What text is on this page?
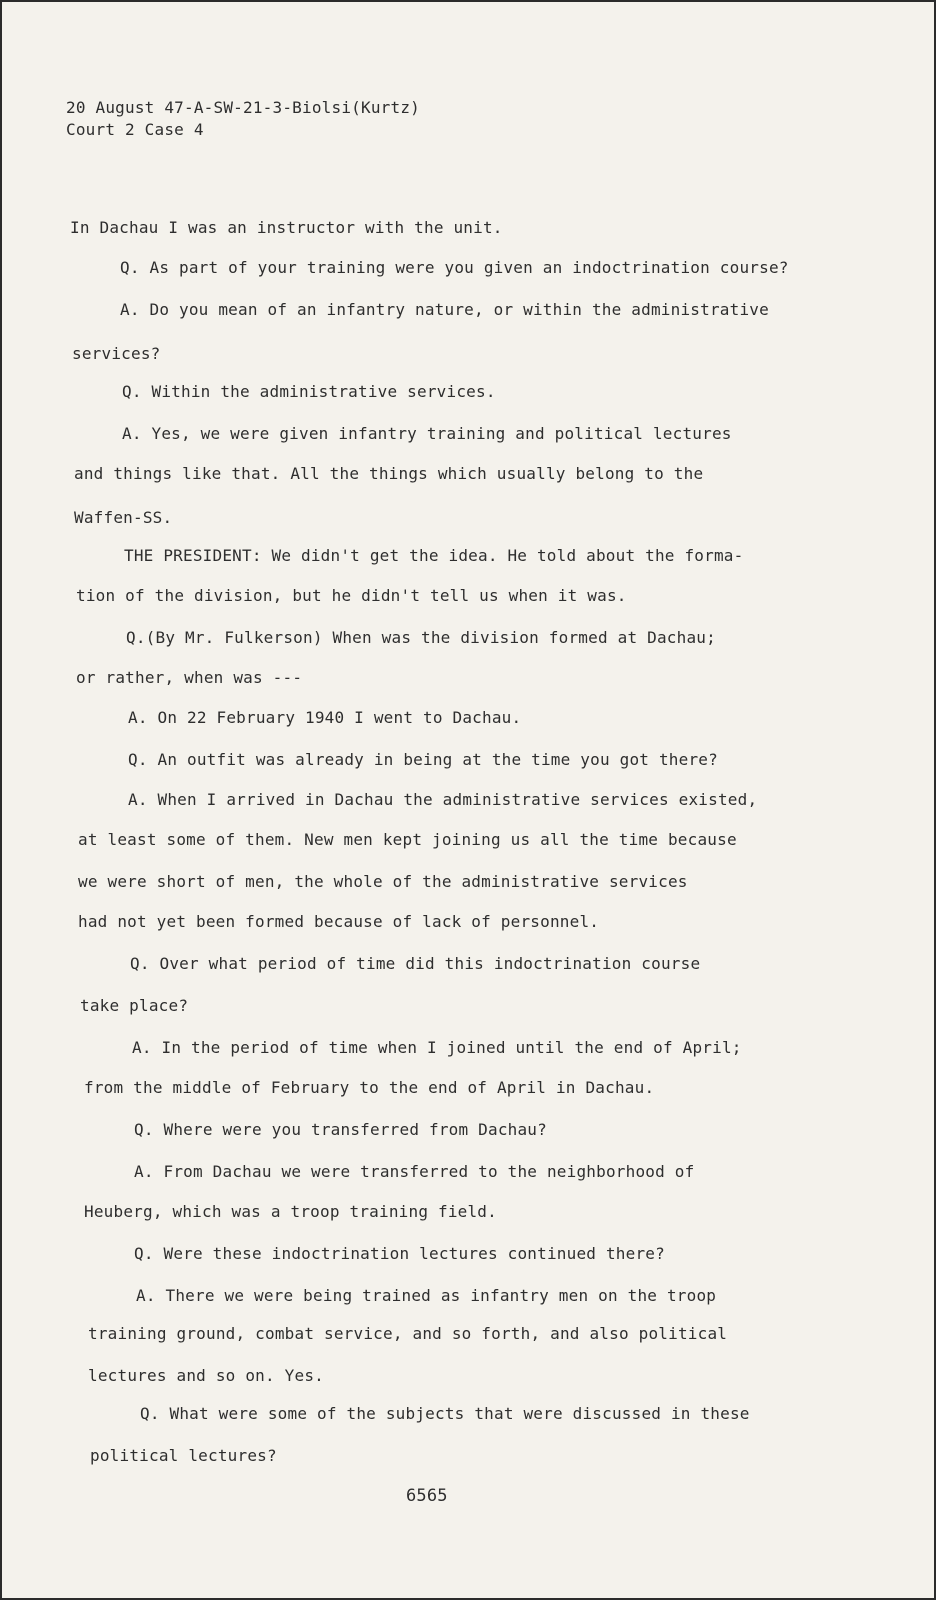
20 August 47-A-SW-21-3-Biolsi(Kurtz)
Court 2 Case 4
In Dachau I was an instructor with the unit.
Q. As part of your training were you given an indoctrination course?
A. Do you mean of an infantry nature, or within the administrative
services?
Q. Within the administrative services.
A. Yes, we were given infantry training and political lectures
and things like that. All the things which usually belong to the
Waffen-SS.
THE PRESIDENT: We didn't get the idea. He told about the forma-
tion of the division, but he didn't tell us when it was.
Q.(By Mr. Fulkerson) When was the division formed at Dachau;
or rather, when was ---
A. On 22 February 1940 I went to Dachau.
Q. An outfit was already in being at the time you got there?
A. When I arrived in Dachau the administrative services existed,
at least some of them. New men kept joining us all the time because
we were short of men, the whole of the administrative services
had not yet been formed because of lack of personnel.
Q. Over what period of time did this indoctrination course
take place?
A. In the period of time when I joined until the end of April;
from the middle of February to the end of April in Dachau.
Q. Where were you transferred from Dachau?
A. From Dachau we were transferred to the neighborhood of
Heuberg, which was a troop training field.
Q. Were these indoctrination lectures continued there?
A. There we were being trained as infantry men on the troop
training ground, combat service, and so forth, and also political
lectures and so on. Yes.
Q. What were some of the subjects that were discussed in these
political lectures?
6565
